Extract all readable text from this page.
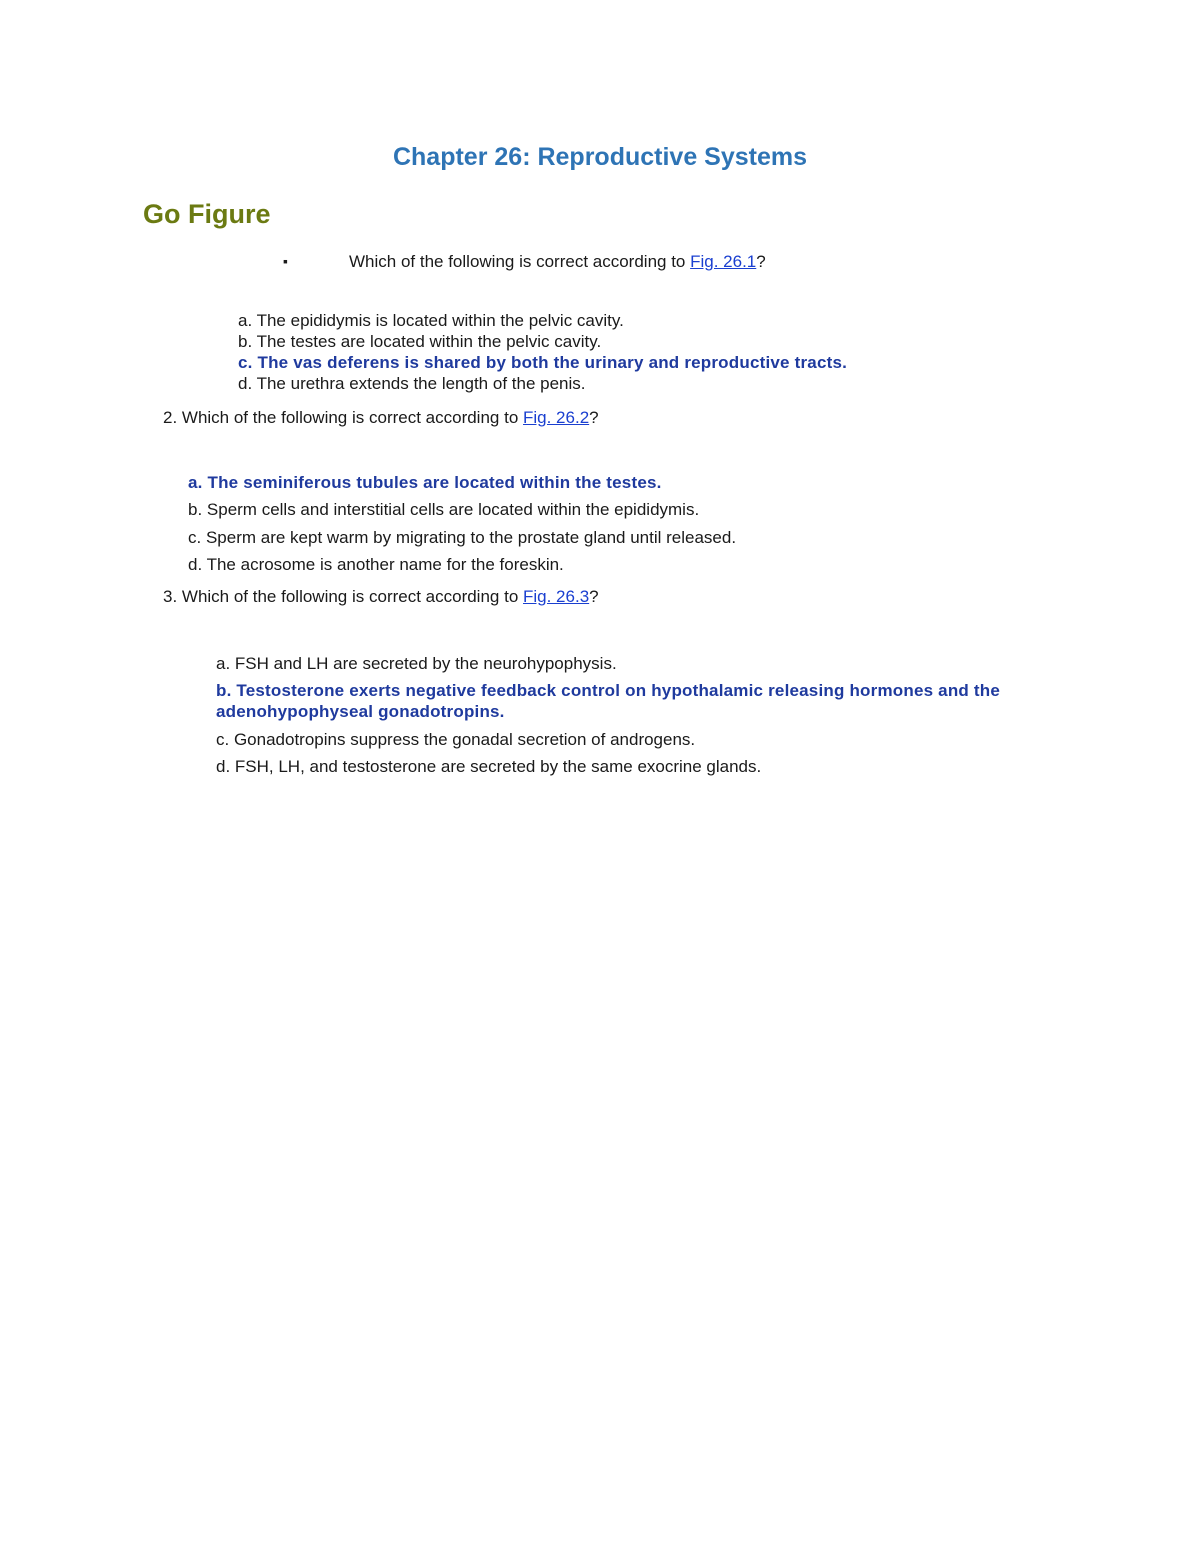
Chapter 26: Reproductive Systems
Go Figure
▪	Which of the following is correct according to Fig. 26.1?

a. The epididymis is located within the pelvic cavity.

b. The testes are located within the pelvic cavity.

c. The vas deferens is shared by both the urinary and reproductive tracts.

d. The urethra extends the length of the penis.

2. Which of the following is correct according to Fig. 26.2?

a. The seminiferous tubules are located within the testes.

b. Sperm cells and interstitial cells are located within the epididymis.

c. Sperm are kept warm by migrating to the prostate gland until released.

d. The acrosome is another name for the foreskin.

3. Which of the following is correct according to Fig. 26.3?

a. FSH and LH are secreted by the neurohypophysis.

b. Testosterone exerts negative feedback control on hypothalamic releasing hormones and the

adenohypophyseal gonadotropins.

c. Gonadotropins suppress the gonadal secretion of androgens.

d. FSH, LH, and testosterone are secreted by the same exocrine glands.
